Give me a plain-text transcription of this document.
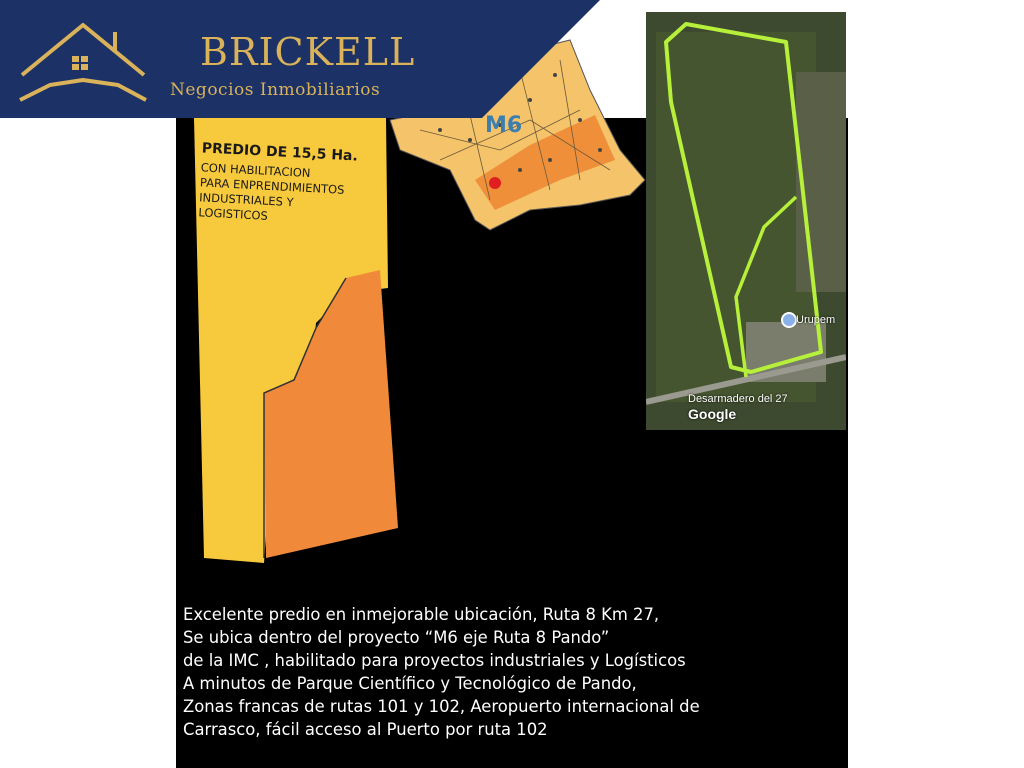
PREDIO DE 15,5 Ha.

CON HABILITACION
PARA ENPRENDIMIENTOS
INDUSTRIALES Y
LOGISTICOS

M6

BRICKELL

Negocios Inmobiliarios

Urupem
Desarmadero del 27
Google
Excelente predio en inmejorable ubicación, Ruta 8 Km 27,
Se ubica dentro del proyecto “M6 eje Ruta 8 Pando”
de la IMC , habilitado para proyectos industriales y Logísticos
A minutos de Parque Científico y Tecnológico de Pando,
Zonas francas de rutas 101 y 102, Aeropuerto internacional de
Carrasco, fácil acceso al Puerto por ruta 102
